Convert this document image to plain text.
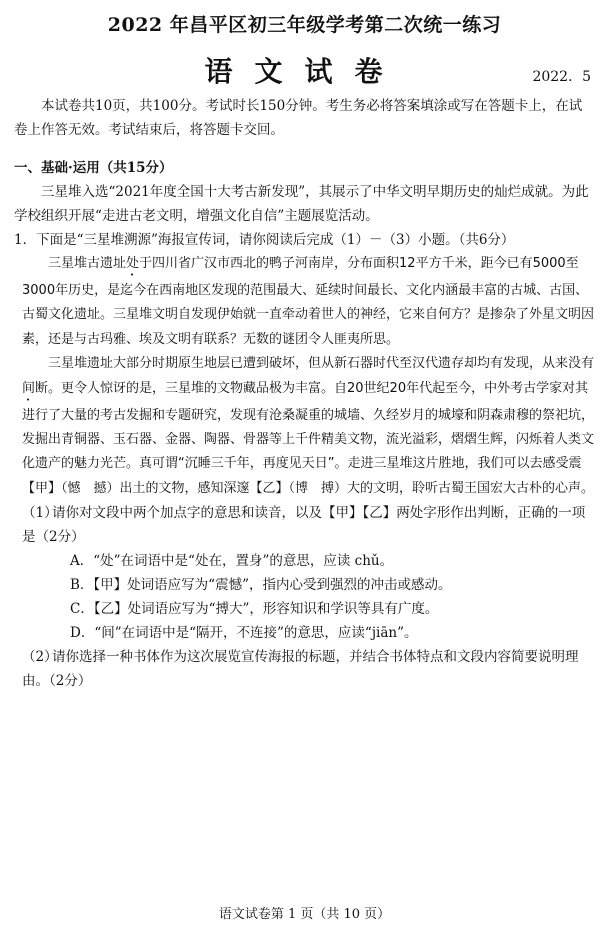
2022 年昌平区初三年级学考第二次统一练习
语文试卷	2022．5

本试卷共10页，共100分。考试时长150分钟。考生务必将答案填涂或写在答题卡上，在试卷上作答无效。考试结束后，将答题卡交回。

一、基础·运用（共15分）

三星堆入选“2021年度全国十大考古新发现”，其展示了中华文明早期历史的灿烂成就。为此学校组织开展“走进古老文明，增强文化自信”主题展览活动。

1．下面是“三星堆溯源”海报宣传词，请你阅读后完成（1）－（3）小题。（共6分）

三星堆古遗址处于四川省广汉市西北的鸭子河南岸，分布面积12平方千米，距今已有5000至3000年历史，是迄今在西南地区发现的范围最大、延续时间最长、文化内涵最丰富的古城、古国、古蜀文化遗址。三星堆文明自发现伊始就一直牵动着世人的神经，它来自何方？是掺杂了外星文明因素，还是与古玛雅、埃及文明有联系？无数的谜团令人匪夷所思。

三星堆遗址大部分时期原生地层已遭到破坏，但从新石器时代至汉代遗存却均有发现，从来没有间断。更令人惊讶的是，三星堆的文物藏品极为丰富。自20世纪20年代起至今，中外考古学家对其进行了大量的考古发掘和专题研究，发现有沧桑凝重的城墙、久经岁月的城壕和阴森肃穆的祭祀坑，发掘出青铜器、玉石器、金器、陶器、骨器等上千件精美文物，流光溢彩，熠熠生辉，闪烁着人类文化遗产的魅力光芒。真可谓“沉睡三千年，再度见天日”。走进三星堆这片胜地，我们可以去感受震【甲】（憾　撼）出土的文物，感知深邃【乙】（博　搏）大的文明，聆听古蜀王国宏大古朴的心声。

（1）请你对文段中两个加点字的意思和读音，以及【甲】【乙】两处字形作出判断，正确的一项是（2分）

A．“处”在词语中是“处在，置身”的意思，应读 chǔ。

B．【甲】处词语应写为“震憾”，指内心受到强烈的冲击或感动。

C．【乙】处词语应写为“搏大”，形容知识和学识等具有广度。

D．“间”在词语中是“隔开，不连接”的意思，应读“jiān”。

（2）请你选择一种书体作为这次展览宣传海报的标题，并结合书体特点和文段内容简要说明理由。（2分）

语文试卷第 1 页（共 10 页）
